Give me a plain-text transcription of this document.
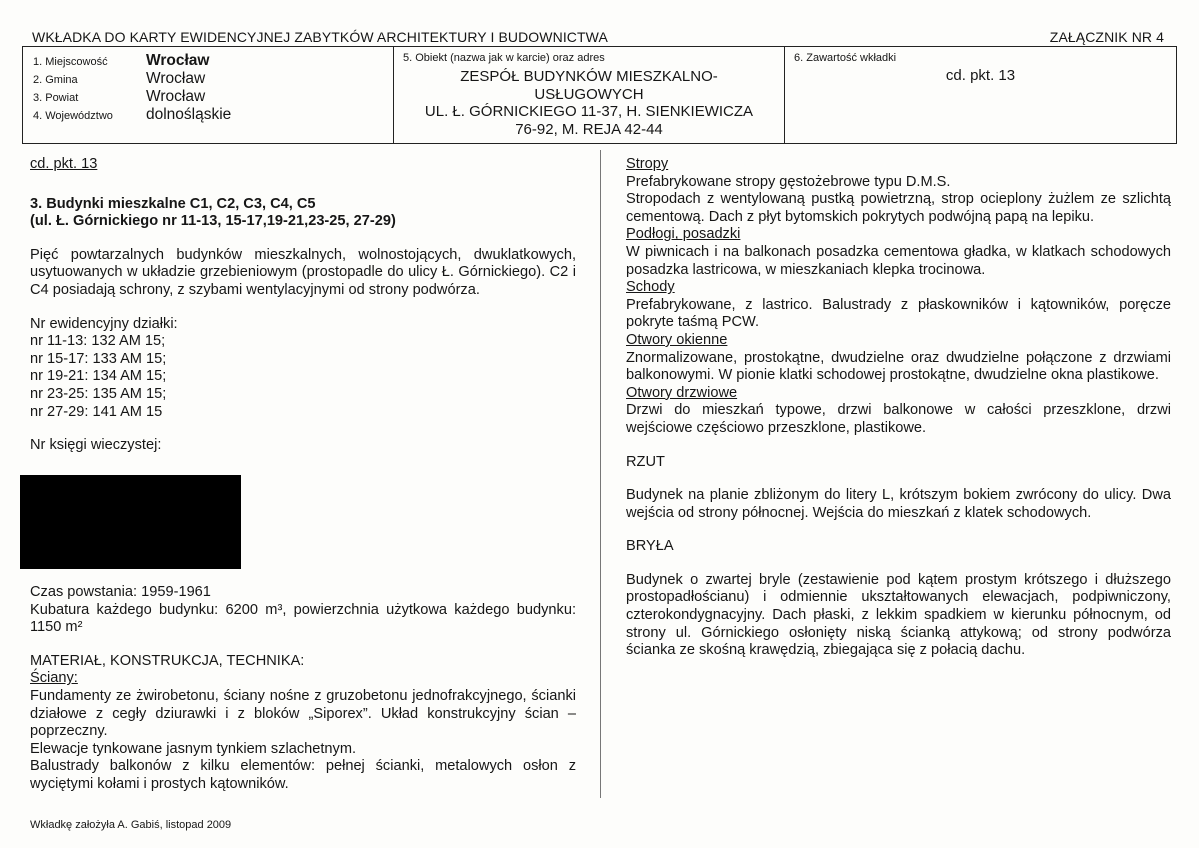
WKŁADKA DO KARTY EWIDENCYJNEJ ZABYTKÓW ARCHITEKTURY I BUDOWNICTWA	ZAŁĄCZNIK NR 4
1. Miejscowość Wrocław
2. Gmina	Wrocław
3. Powiat	Wrocław
4. Województwo dolnośląskie
5. Obiekt (nazwa jak w karcie) oraz adres
ZESPÓŁ BUDYNKÓW MIESZKALNO-
USŁUGOWYCH
UL. Ł. GÓRNICKIEGO 11-37, H. SIENKIEWICZA
76-92, M. REJA 42-44
6. Zawartość wkładki
cd. pkt. 13

cd. pkt. 13

3. Budynki mieszkalne C1, C2, C3, C4, C5

(ul. Ł. Górnickiego nr 11-13, 15-17,19-21,23-25, 27-29)

Pięć powtarzalnych budynków mieszkalnych, wolnostojących, dwuklatkowych, usytuowanych w układzie grzebieniowym (prostopadle do ulicy Ł. Górnickiego). C2 i C4 posiadają schrony, z szybami wentylacyjnymi od strony podwórza.

Nr ewidencyjny działki:

nr 11-13: 132 AM 15;

nr 15-17: 133 AM 15;

nr 19-21: 134 AM 15;

nr 23-25: 135 AM 15;

nr 27-29: 141 AM 15

Nr księgi wieczystej:

Czas powstania: 1959-1961

Kubatura każdego budynku: 6200 m³, powierzchnia użytkowa każdego budynku: 1150 m²

MATERIAŁ, KONSTRUKCJA, TECHNIKA:

Ściany:

Fundamenty ze żwirobetonu, ściany nośne z gruzobetonu jednofrakcyjnego, ścianki działowe z cegły dziurawki i z bloków „Siporex”. Układ konstrukcyjny ścian – poprzeczny.

Elewacje tynkowane jasnym tynkiem szlachetnym.

Balustrady balkonów z kilku elementów: pełnej ścianki, metalowych osłon z wyciętymi kołami i prostych kątowników.

Stropy

Prefabrykowane stropy gęstożebrowe typu D.M.S.

Stropodach z wentylowaną pustką powietrzną, strop ocieplony żużlem ze szlichtą cementową. Dach z płyt bytomskich pokrytych podwójną papą na lepiku.

Podłogi, posadzki

W piwnicach i na balkonach posadzka cementowa gładka, w klatkach schodowych posadzka lastricowa, w mieszkaniach klepka trocinowa.

Schody

Prefabrykowane, z lastrico. Balustrady z płaskowników i kątowników, poręcze pokryte taśmą PCW.

Otwory okienne

Znormalizowane, prostokątne, dwudzielne oraz dwudzielne połączone z drzwiami balkonowymi. W pionie klatki schodowej prostokątne, dwudzielne okna plastikowe.

Otwory drzwiowe

Drzwi do mieszkań typowe, drzwi balkonowe w całości przeszklone, drzwi wejściowe częściowo przeszklone, plastikowe.

RZUT

Budynek na planie zbliżonym do litery L, krótszym bokiem zwrócony do ulicy. Dwa wejścia od strony północnej. Wejścia do mieszkań z klatek schodowych.

BRYŁA

Budynek o zwartej bryle (zestawienie pod kątem prostym krótszego i dłuższego prostopadłościanu) i odmiennie ukształtowanych elewacjach, podpiwniczony, czterokondygnacyjny. Dach płaski, z lekkim spadkiem w kierunku północnym, od strony ul. Górnickiego osłonięty niską ścianką attykową; od strony podwórza ścianka ze skośną krawędzią, zbiegająca się z połacią dachu.

Wkładkę założyła A. Gabiś, listopad 2009
